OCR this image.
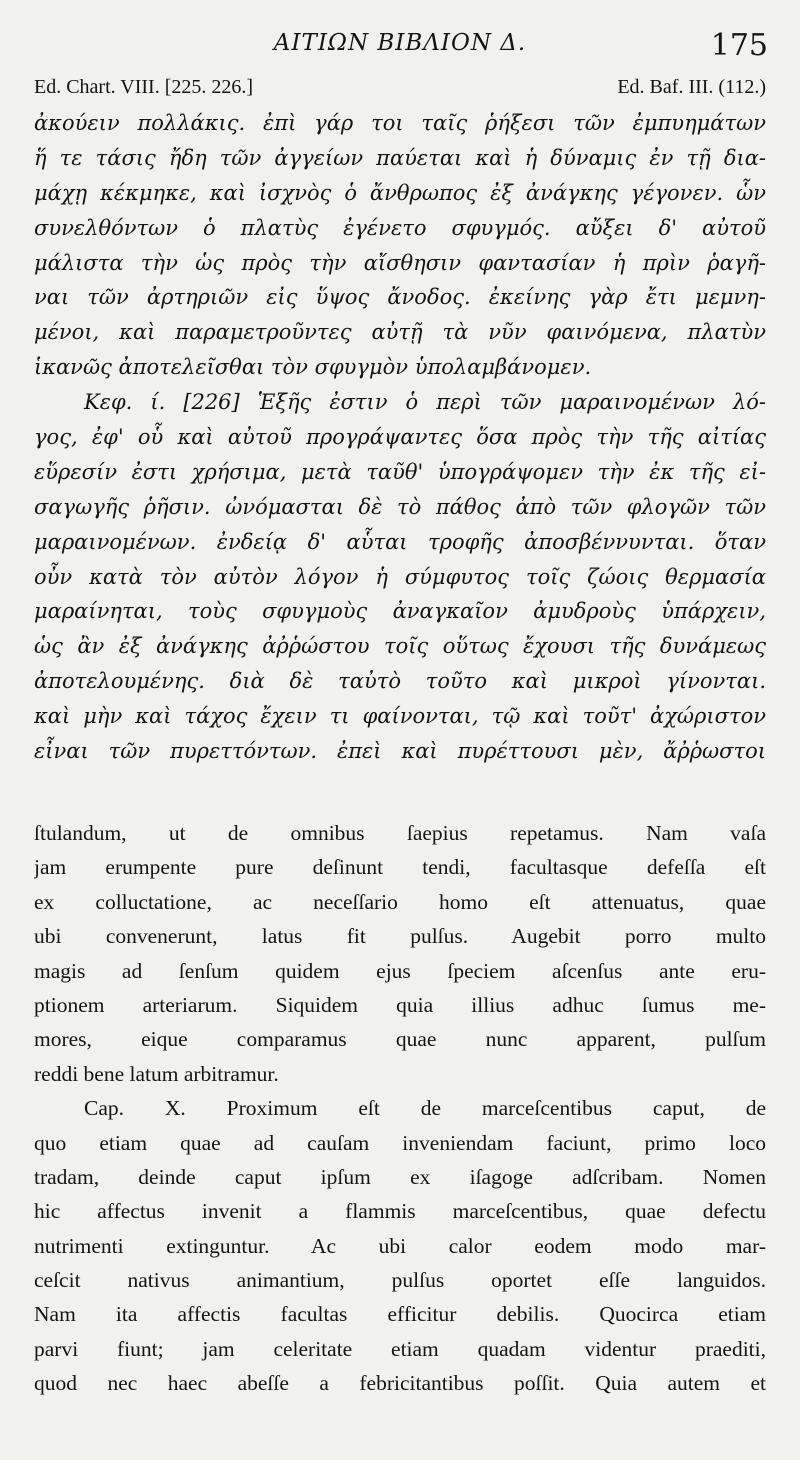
ΑΙΤΙΩΝ ΒΙΒΛΙΟΝ Δ.	175
Ed. Chart. VIII. [225. 226.]	Ed. Baf. III. (112.)
ἀκούειν πολλάκις. ἐπὶ γάρ τοι ταῖς ῥήξεσι τῶν ἐμπυημάτων
ἥ τε τάσις ἤδη τῶν ἀγγείων παύεται καὶ ἡ δύναμις ἐν τῇ δια-
μάχῃ κέκμηκε, καὶ ἰσχνὸς ὁ ἄνθρωπος ἐξ ἀνάγκης γέγονεν. ὧν
συνελθόντων ὁ πλατὺς ἐγένετο σφυγμός. αὔξει δ' αὐτοῦ
μάλιστα τὴν ὡς πρὸς τὴν αἴσθησιν φαντασίαν ἡ πρὶν ῥαγῆ-
ναι τῶν ἀρτηριῶν εἰς ὕψος ἄνοδος. ἐκείνης γὰρ ἔτι μεμνη-
μένοι, καὶ παραμετροῦντες αὐτῇ τὰ νῦν φαινόμενα, πλατὺν
ἱκανῶς ἀποτελεῖσθαι τὸν σφυγμὸν ὑπολαμβάνομεν.
Κεφ. ί. [226] Ἑξῆς ἐστιν ὁ περὶ τῶν μαραινομένων λό-
γος, ἐφ' οὗ καὶ αὐτοῦ προγράψαντες ὅσα πρὸς τὴν τῆς αἰτίας
εὕρεσίν ἐστι χρήσιμα, μετὰ ταῦθ' ὑπογράψομεν τὴν ἐκ τῆς εἰ-
σαγωγῆς ῥῆσιν. ὠνόμασται δὲ τὸ πάθος ἀπὸ τῶν φλογῶν τῶν
μαραινομένων. ἐνδείᾳ δ' αὗται τροφῆς ἀποσβέννυνται. ὅταν
οὖν κατὰ τὸν αὐτὸν λόγον ἡ σύμφυτος τοῖς ζώοις θερμασία
μαραίνηται, τοὺς σφυγμοὺς ἀναγκαῖον ἀμυδροὺς ὑπάρχειν,
ὡς ἂν ἐξ ἀνάγκης ἀῤῥώστου τοῖς οὕτως ἔχουσι τῆς δυνάμεως
ἀποτελουμένης. διὰ δὲ ταὐτὸ τοῦτο καὶ μικροὶ γίνονται.
καὶ μὴν καὶ τάχος ἔχειν τι φαίνονται, τῷ καὶ τοῦτ' ἀχώριστον
εἶναι τῶν πυρεττόντων. ἐπεὶ καὶ πυρέττουσι μὲν, ἄῤῥωστοι
ſtulandum, ut de omnibus ſaepius repetamus. Nam vaſa
jam erumpente pure deſinunt tendi, facultasque defeſſa eſt
ex colluctatione, ac neceſſario homo eſt attenuatus, quae
ubi convenerunt, latus fit pulſus. Augebit porro multo
magis ad ſenſum quidem ejus ſpeciem aſcenſus ante eru-
ptionem arteriarum. Siquidem quia illius adhuc ſumus me-
mores, eique comparamus quae nunc apparent, pulſum
reddi bene latum arbitramur.
Cap. X. Proximum eſt de marceſcentibus caput, de
quo etiam quae ad cauſam inveniendam faciunt, primo loco
tradam, deinde caput ipſum ex iſagoge adſcribam. Nomen
hic affectus invenit a flammis marceſcentibus, quae defectu
nutrimenti extinguntur. Ac ubi calor eodem modo mar-
ceſcit nativus animantium, pulſus oportet eſſe languidos.
Nam ita affectis facultas efficitur debilis. Quocirca etiam
parvi fiunt; jam celeritate etiam quadam videntur praediti,
quod nec haec abeſſe a febricitantibus poſſit. Quia autem et
